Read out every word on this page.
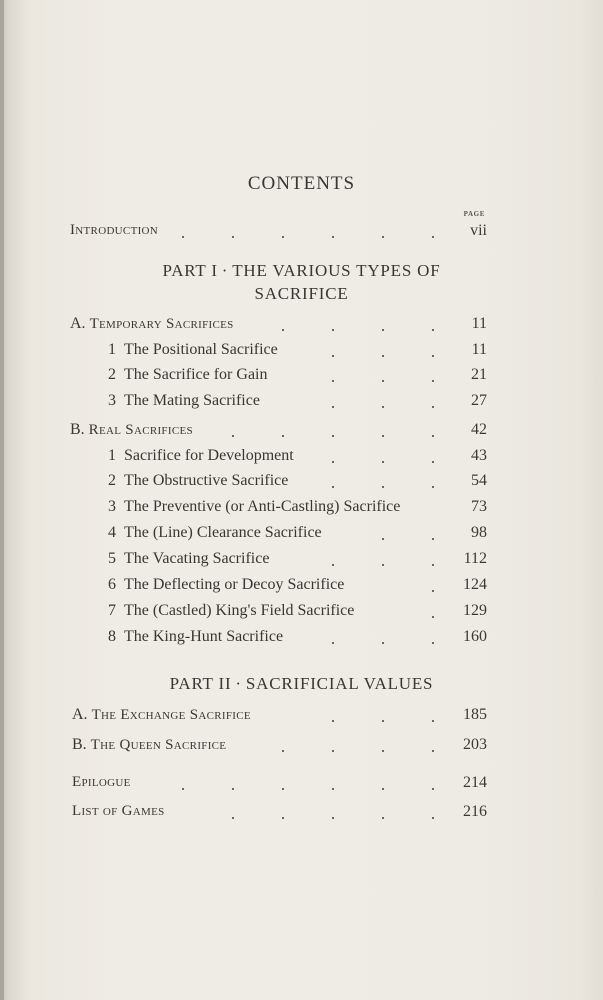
CONTENTS
PAGE
Introduction	vii
PART I · THE VARIOUS TYPES OF
SACRIFICE
A. Temporary Sacrifices	11
1 The Positional Sacrifice	11
2 The Sacrifice for Gain	21
3 The Mating Sacrifice	27
B. Real Sacrifices	42
1 Sacrifice for Development	43
2 The Obstructive Sacrifice	54
3 The Preventive (or Anti-Castling) Sacrifice	73
4 The (Line) Clearance Sacrifice	98
5 The Vacating Sacrifice	112
6 The Deflecting or Decoy Sacrifice	124
7 The (Castled) King's Field Sacrifice	129
8 The King-Hunt Sacrifice	160
PART II · SACRIFICIAL VALUES
A. The Exchange Sacrifice	185
B. The Queen Sacrifice	203
Epilogue	214
List of Games	216
